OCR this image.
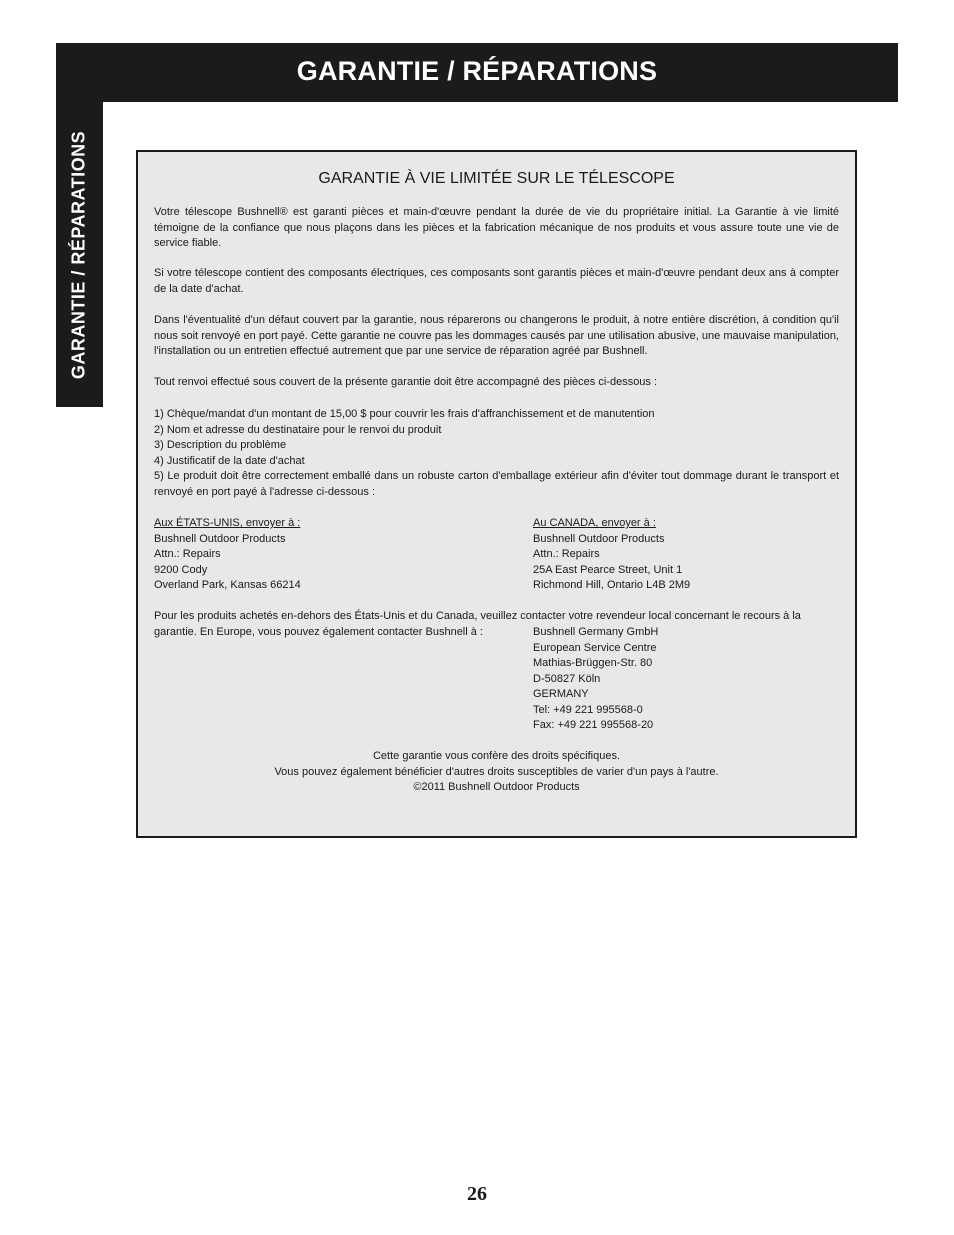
GARANTIE / RÉPARATIONS
GARANTIE / RÉPARATIONS	GARANTIE À VIE LIMITÉE SUR LE TÉLESCOPE

Votre télescope Bushnell® est garanti pièces et main-d'œuvre pendant la durée de vie du propriétaire initial. La Garantie à vie limité témoigne de la confiance que nous plaçons dans les pièces et la fabrication mécanique de nos produits et vous assure toute une vie de service fiable.

Si votre télescope contient des composants électriques, ces composants sont garantis pièces et main-d'œuvre pendant deux ans à compter de la date d'achat.

Dans l'éventualité d'un défaut couvert par la garantie, nous réparerons ou changerons le produit, à notre entière discrétion, à condition qu'il nous soit renvoyé en port payé. Cette garantie ne couvre pas les dommages causés par une utilisation abusive, une mauvaise manipulation, l'installation ou un entretien effectué autrement que par une service de réparation agréé par Bushnell.

Tout renvoi effectué sous couvert de la présente garantie doit être accompagné des pièces ci-dessous :

1) Chèque/mandat d'un montant de 15,00 $ pour couvrir les frais d'affranchissement et de manutention
2) Nom et adresse du destinataire pour le renvoi du produit
3) Description du problème
4) Justificatif de la date d'achat
5) Le produit doit être correctement emballé dans un robuste carton d'emballage extérieur afin d'éviter tout dommage durant le transport et renvoyé en port payé à l'adresse ci-dessous :
Aux ÉTATS-UNIS, envoyer à :
Bushnell Outdoor Products
Attn.: Repairs
9200 Cody
Overland Park, Kansas 66214
Au CANADA, envoyer à :
Bushnell Outdoor Products
Attn.: Repairs
25A East Pearce Street, Unit 1
Richmond Hill, Ontario L4B 2M9
Pour les produits achetés en-dehors des États-Unis et du Canada, veuillez contacter votre revendeur local concernant le recours à la
garantie. En Europe, vous pouvez également contacter Bushnell à :	Bushnell Germany GmbH
European Service Centre
Mathias-Brüggen-Str. 80
D-50827 Köln
GERMANY
Tel: +49 221 995568-0
Fax: +49 221 995568-20
Cette garantie vous confère des droits spécifiques.
Vous pouvez également bénéficier d'autres droits susceptibles de varier d'un pays à l'autre.
©2011 Bushnell Outdoor Products
26
